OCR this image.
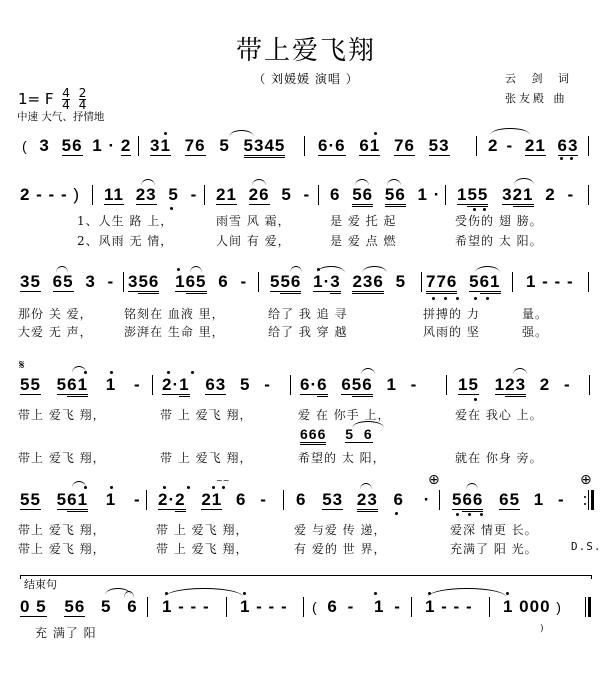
带上爱飞翔
（ 刘媛媛 演唱 ）	云 剑 词
张友殿 曲
1= F $\frac{4}{4}$
$\frac{2}{4}$
中速 大气、抒情地
( 3 56 1 · 2 31 76 5 5345 6·6 61 76 53 2 - 21 63
2 - - - ) 11 23 5 - 21 26 5 - 6 56 56 1 · 155 321 2 -
1、人生 路 上，	雨雪 风 霜，	是 爱 托 起	受伤的 翅 膀。
2、风雨 无 情，	人间 有 爱，	是 爱 点 燃	希望的 太 阳。
35 65 3 - 356 165 6 - 556 1·3 236 5 776 561 1 - - -
那份 关 爱，	铭刻在 血液 里，	给了 我 追 寻	拼搏的 力	量。
大爱 无 声，	澎湃在 生命 里，	给了 我 穿 越	风雨的 坚	强。
𝄋
55 561 1 - 2·1 63 5 - 6·6 656 1 - 15 123 2 -
带上 爱飞 翔，	带 上 爱飞 翔，	爱 在 你手 上，	爱在 我心 上。
666 5  6
带上 爱飞 翔，	带 上 爱飞 翔，	希望的 太 阳，	就在 你身 旁。
55 561 1 - 2·2 21 6 -
~~
6 53 23 6 ·
⊕
566 65 1 -
⊕
带上 爱飞 翔，	带 上 爱飞 翔，	爱 与爱 传 递，	爱深 情更 长。
带上 爱飞 翔，	带 上 爱飞 翔，	有 爱的 世 界，	充满了 阳 光。	D.S.
结束句
0 5 56 5 6 1 - - - 1 - - - ( 6 - 1 - 1 - - - 1 000 )
充 满了 阳	)
